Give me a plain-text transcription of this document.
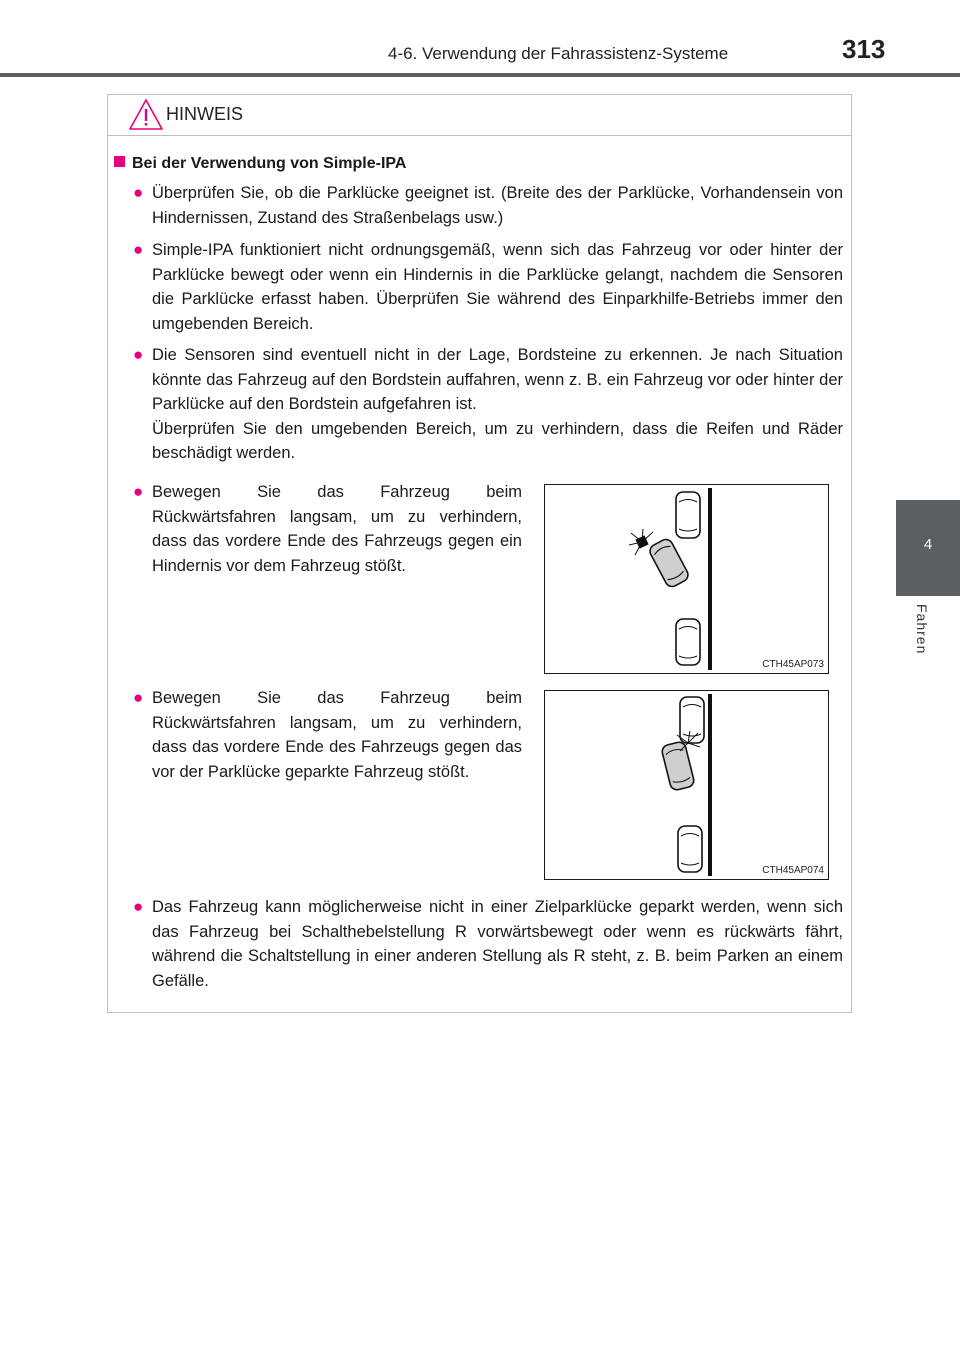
4-6. Verwendung der Fahrassistenz-Systeme	313
4
Fahren
HINWEIS
Bei der Verwendung von Simple-IPA
● Überprüfen Sie, ob die Parklücke geeignet ist. (Breite des der Parklücke, Vorhandensein von Hindernissen, Zustand des Straßenbelags usw.)

● Simple-IPA funktioniert nicht ordnungsgemäß, wenn sich das Fahrzeug vor oder hinter der Parklücke bewegt oder wenn ein Hindernis in die Parklücke gelangt, nachdem die Sensoren die Parklücke erfasst haben. Überprüfen Sie während des Einparkhilfe-Betriebs immer den umgebenden Bereich.

● Die Sensoren sind eventuell nicht in der Lage, Bordsteine zu erkennen. Je nach Situation könnte das Fahrzeug auf den Bordstein auffahren, wenn z. B. ein Fahrzeug vor oder hinter der Parklücke auf den Bordstein aufgefahren ist.

Überprüfen Sie den umgebenden Bereich, um zu verhindern, dass die Reifen und Räder beschädigt werden.

● Bewegen Sie das Fahrzeug beim Rückwärtsfahren langsam, um zu verhindern, dass das vordere Ende des Fahrzeugs gegen ein Hindernis vor dem Fahrzeug stößt.

CTH45AP073
● Bewegen Sie das Fahrzeug beim Rückwärtsfahren langsam, um zu verhindern, dass das vordere Ende des Fahrzeugs gegen das vor der Parklücke geparkte Fahrzeug stößt.

CTH45AP074
● Das Fahrzeug kann möglicherweise nicht in einer Zielparklücke geparkt werden, wenn sich das Fahrzeug bei Schalthebelstellung R vorwärtsbewegt oder wenn es rückwärts fährt, während die Schaltstellung in einer anderen Stellung als R steht, z. B. beim Parken an einem Gefälle.
